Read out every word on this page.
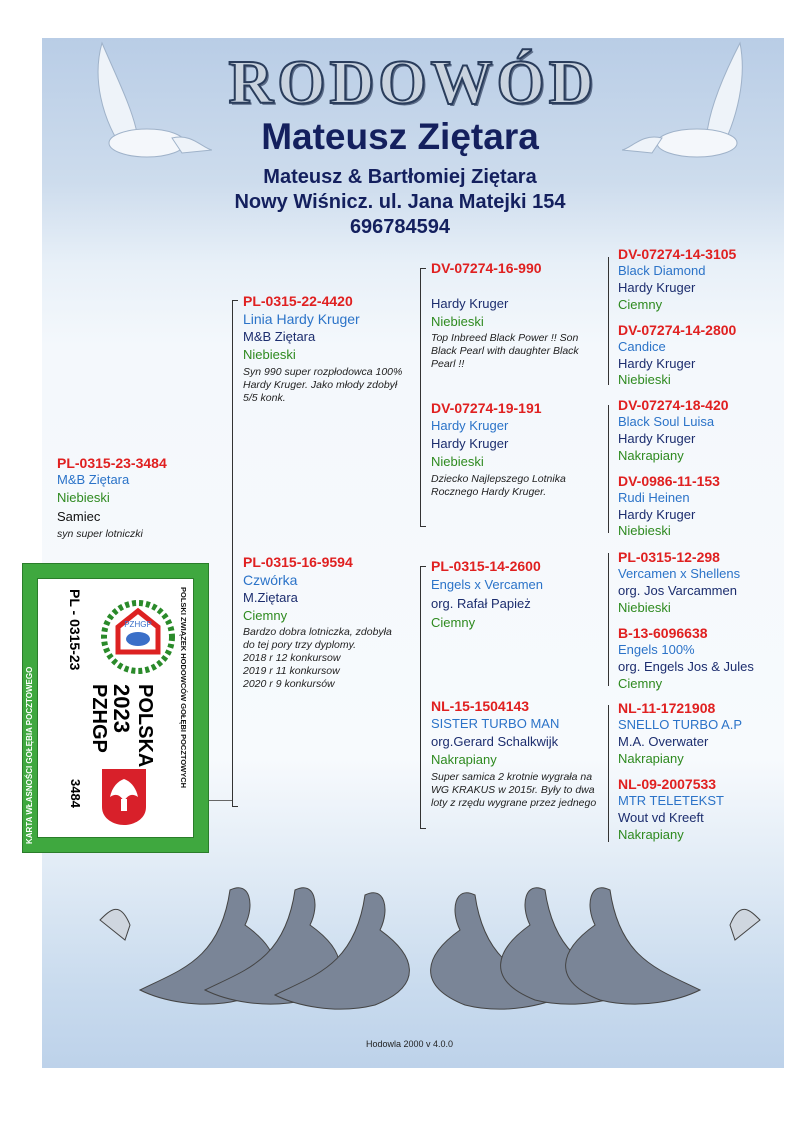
RODOWÓD
Mateusz Ziętara
Mateusz & Bartłomiej Ziętara
Nowy Wiśnicz. ul. Jana Matejki 154
696784594
PL-0315-23-3484
M&B Ziętara
Niebieski
Samiec
syn super lotniczki
PL-0315-22-4420
Linia Hardy Kruger
M&B Ziętara
Niebieski
Syn 990 super rozpłodowca 100% Hardy Kruger. Jako młody zdobył 5/5 konk.
PL-0315-16-9594
Czwórka
M.Ziętara
Ciemny
Bardzo dobra lotniczka, zdobyła do tej pory trzy dyplomy.
2018 r 12 konkursow
2019 r 11 konkursow
2020 r 9 konkursów
DV-07274-16-990
Hardy Kruger
Niebieski
Top Inbreed Black Power !! Son Black Pearl with daughter Black Pearl !!
DV-07274-19-191
Hardy Kruger
Hardy Kruger
Niebieski
Dziecko Najlepszego Lotnika Rocznego Hardy Kruger.
PL-0315-14-2600
Engels x Vercamen
org. Rafał Papież
Ciemny
NL-15-1504143
SISTER TURBO MAN
org.Gerard Schalkwijk
Nakrapiany
Super samica 2 krotnie wygrała na WG KRAKUS w 2015r. Były to dwa loty z rzędu wygrane przez jednego
DV-07274-14-3105
Black Diamond
Hardy Kruger
Ciemny
DV-07274-14-2800
Candice
Hardy Kruger
Niebieski
DV-07274-18-420
Black Soul Luisa
Hardy Kruger
Nakrapiany
DV-0986-11-153
Rudi Heinen
Hardy Kruger
Niebieski
PL-0315-12-298
Vercamen x Shellens
org. Jos Varcammen
Niebieski
B-13-6096638
Engels 100%
org. Engels Jos & Jules
Ciemny
NL-11-1721908
SNELLO TURBO A.P
M.A. Overwater
Nakrapiany
NL-09-2007533
MTR TELETEKST
Wout vd Kreeft
Nakrapiany
POLSKI ZWIĄZEK HODOWCÓW GOŁĘBI POCZTOWYCH
PZHGP
POLSKA
2023
PZHGP
PL - 0315-23
3484
KARTA WŁASNOŚCI GOŁĘBIA POCZTOWEGO
Hodowla 2000 v 4.0.0
